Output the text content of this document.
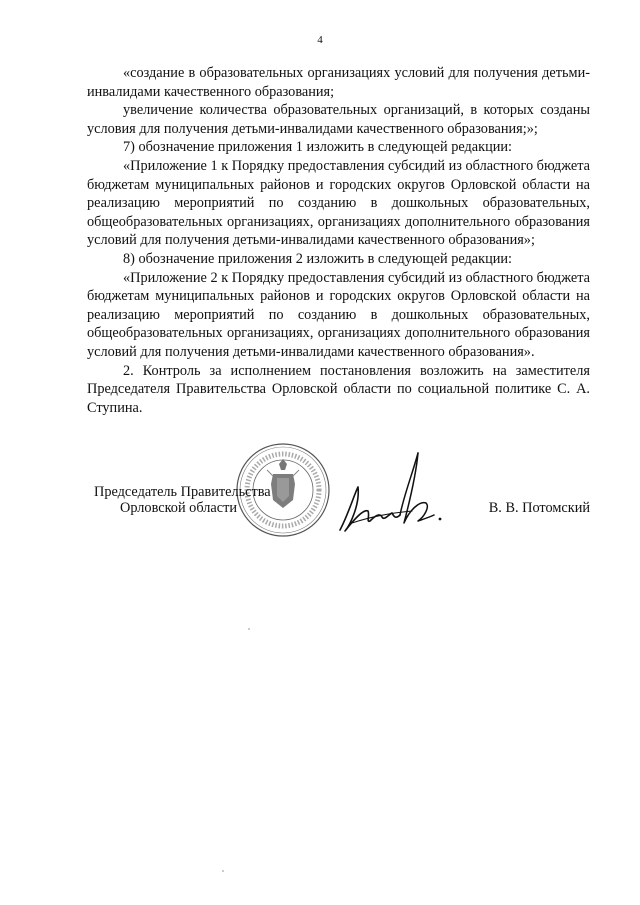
4

«создание в образовательных организациях условий для получения детьми-инвалидами качественного образования;

увеличение количества образовательных организаций, в которых созданы условия для получения детьми-инвалидами качественного образования;»;

7) обозначение приложения 1 изложить в следующей редакции:

«Приложение 1 к Порядку предоставления субсидий из областного бюджета бюджетам муниципальных районов и городских округов Орловской области на реализацию мероприятий по созданию в дошкольных образовательных, общеобразовательных организациях, организациях дополнительного образования условий для получения детьми-инвалидами качественного образования»;

8) обозначение приложения 2 изложить в следующей редакции:

«Приложение 2 к Порядку предоставления субсидий из областного бюджета бюджетам муниципальных районов и городских округов Орловской области на реализацию мероприятий по созданию в дошкольных образовательных, общеобразовательных организациях, организациях дополнительного образования условий для получения детьми-инвалидами качественного образования».

2. Контроль за исполнением постановления возложить на заместителя Председателя Правительства Орловской области по социальной политике С. А. Ступина.

Председатель Правительства
Орловской области	В. В. Потомский
